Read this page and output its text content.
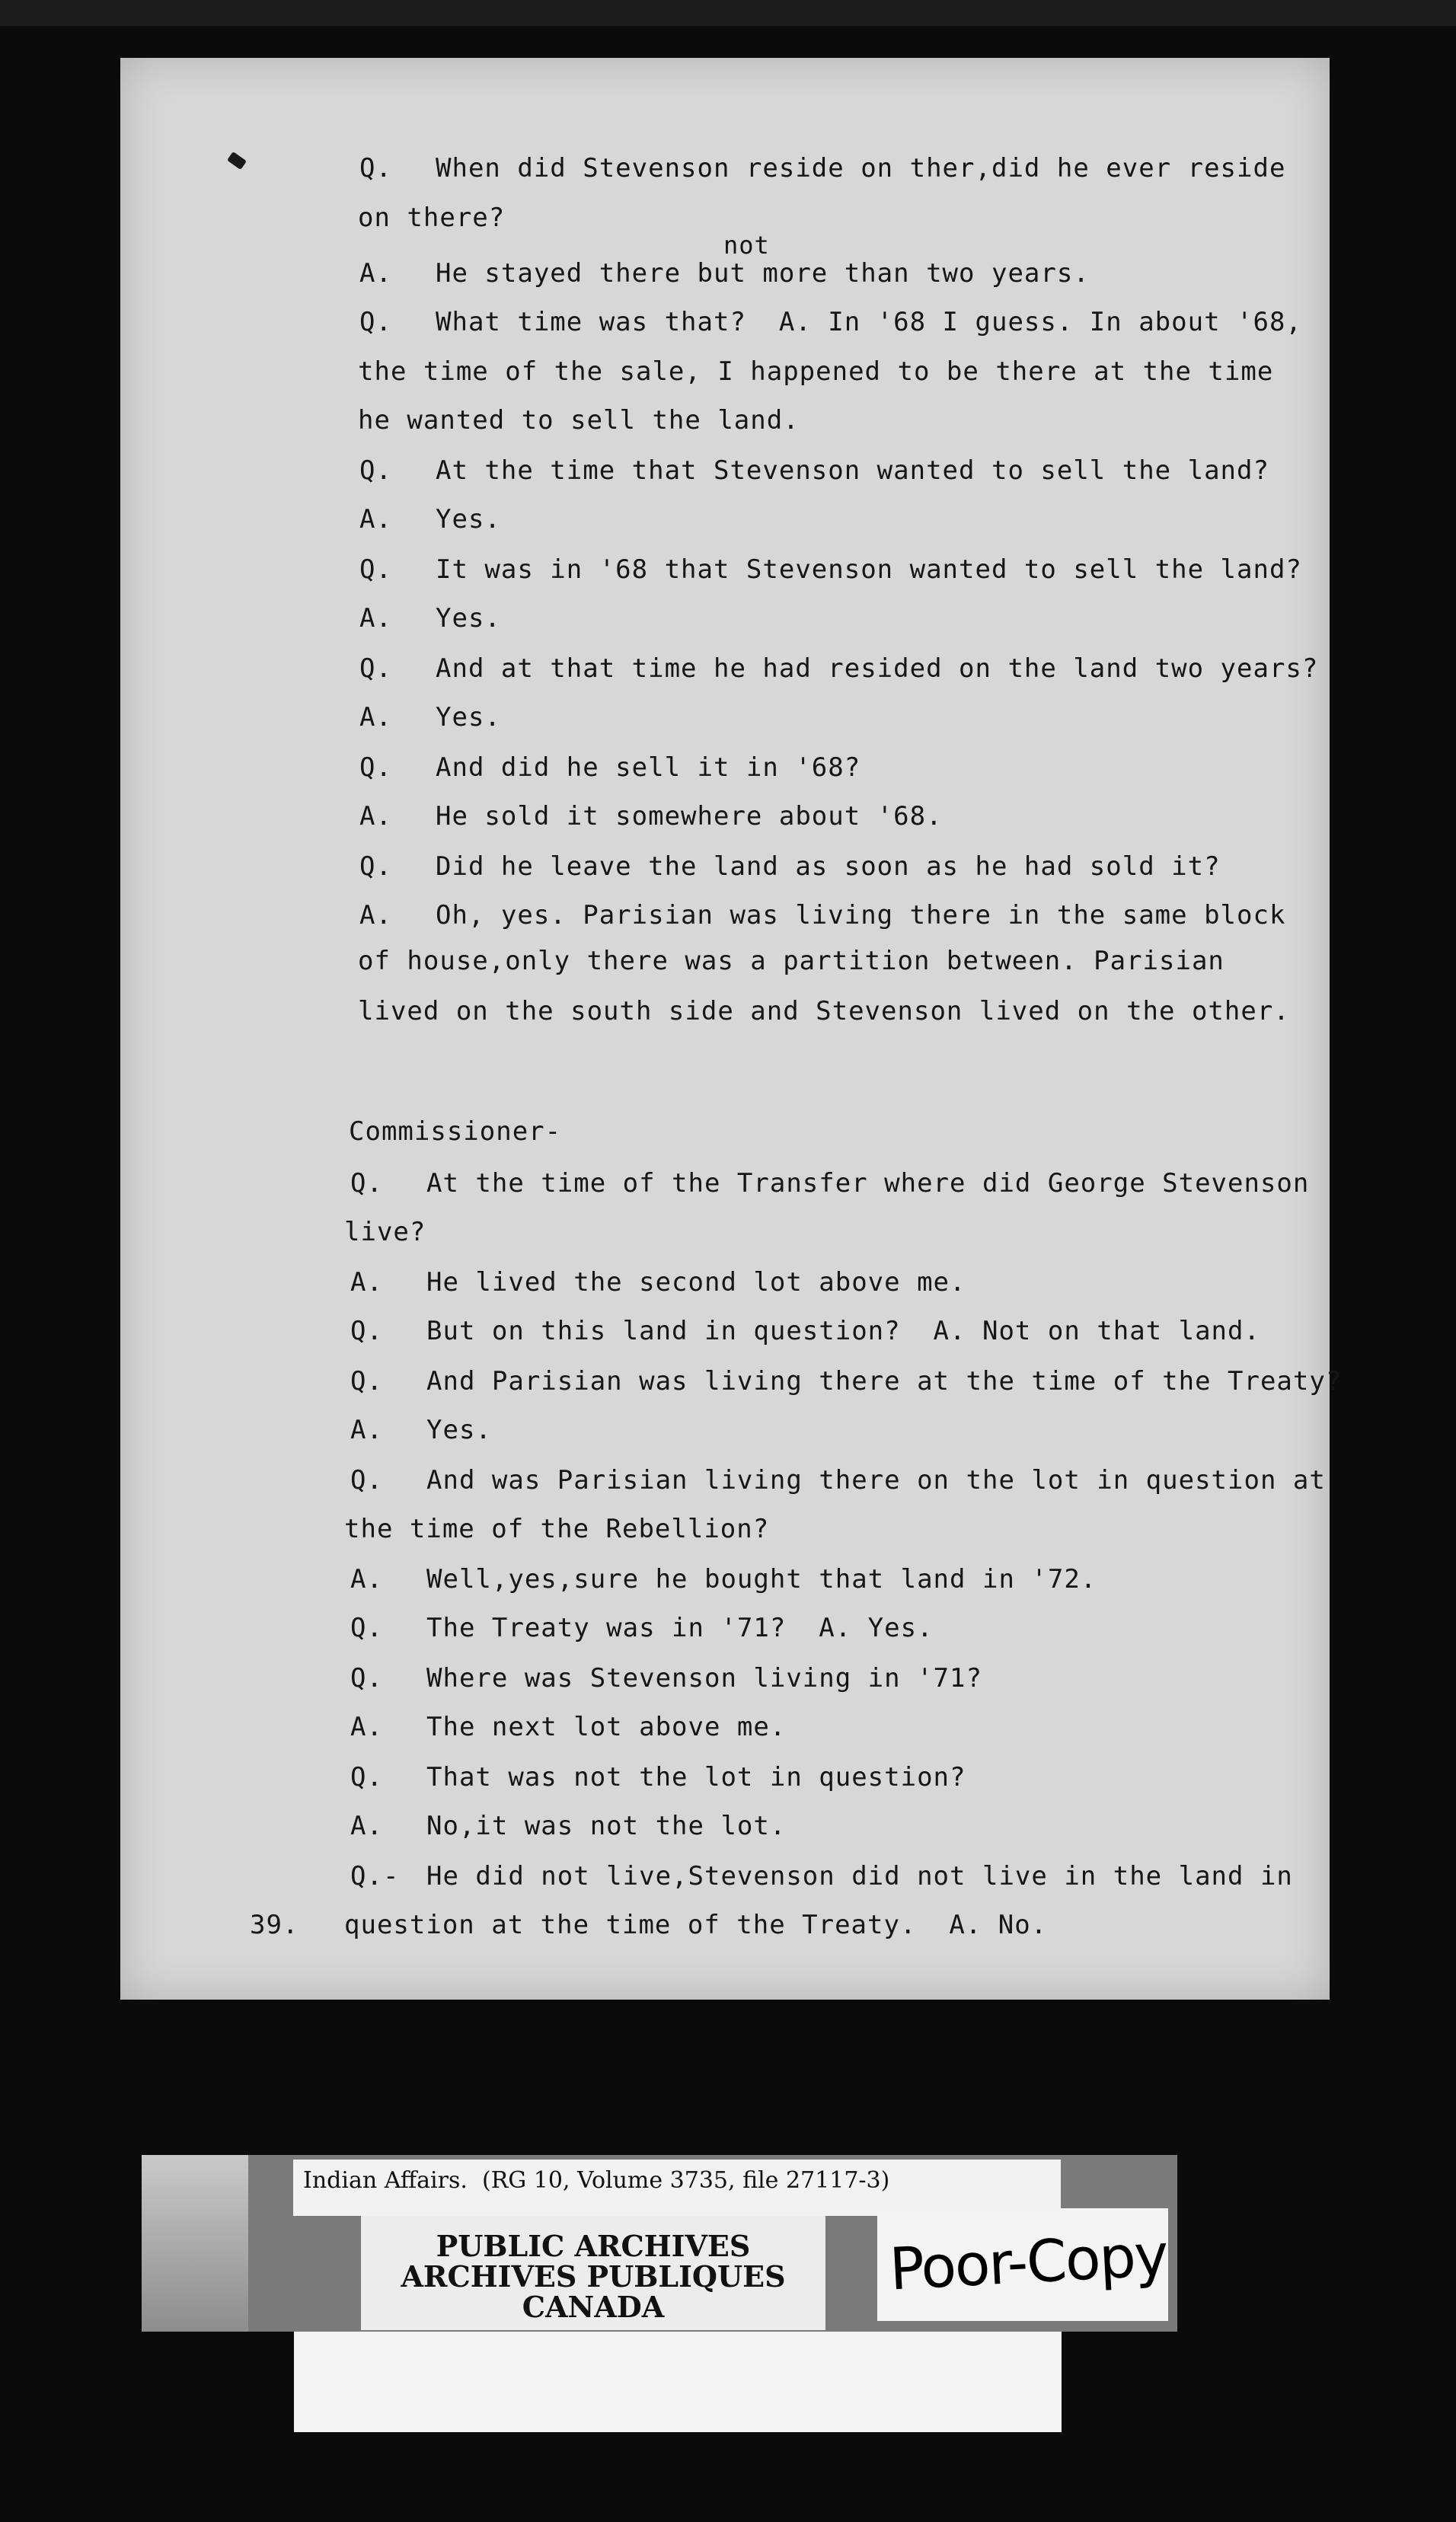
Q. When did Stevenson reside on ther,did he ever reside
on there?
A. He stayed there but more than two years.
Q. What time was that?  A. In '68 I guess. In about '68,
the time of the sale, I happened to be there at the time
he wanted to sell the land.
Q. At the time that Stevenson wanted to sell the land?
A. Yes.
Q. It was in '68 that Stevenson wanted to sell the land?
A. Yes.
Q. And at that time he had resided on the land two years?
A. Yes.
Q. And did he sell it in '68?
A. He sold it somewhere about '68.
Q. Did he leave the land as soon as he had sold it?
A. Oh, yes. Parisian was living there in the same block
of house,only there was a partition between. Parisian
lived on the south side and Stevenson lived on the other.
Q. At the time of the Transfer where did George Stevenson
live?
A. He lived the second lot above me.
Q. But on this land in question?  A. Not on that land.
Q. And Parisian was living there at the time of the Treaty?
A. Yes.
Q. And was Parisian living there on the lot in question at
the time of the Rebellion?
A. Well,yes,sure he bought that land in '72.
Q. The Treaty was in '71?  A. Yes.
Q. Where was Stevenson living in '71?
A. The next lot above me.
Q. That was not the lot in question?
A. No,it was not the lot.
Q.- He did not live,Stevenson did not live in the land in
question at the time of the Treaty.  A. No.
not
Commissioner-
39.
Indian Affairs.  (RG 10, Volume 3735, file 27117-3)
PUBLIC ARCHIVES
ARCHIVES PUBLIQUES
CANADA
Poor-Copy
